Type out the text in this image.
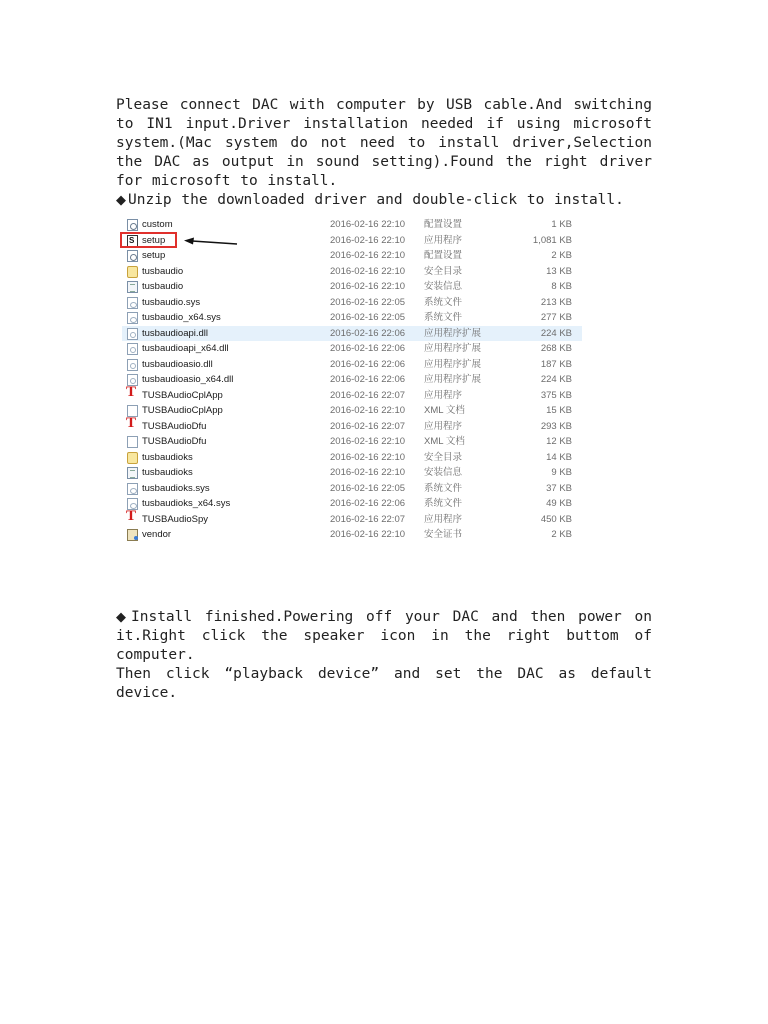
Please connect DAC with computer by USB cable.And switching to IN1 input.Driver installation needed if using microsoft system.(Mac system do not need to install driver,Selection the DAC as output in sound setting).Found the right driver for microsoft to install.
◆ Unzip the downloaded driver and double-click to install.
custom	2016-02-16 22:10 配置设置	1 KB
S
setup	2016-02-16 22:10 应用程序	1,081 KB
setup	2016-02-16 22:10 配置设置	2 KB
tusbaudio	2016-02-16 22:10 安全目录	13 KB
tusbaudio	2016-02-16 22:10 安装信息	8 KB
tusbaudio.sys	2016-02-16 22:05 系统文件	213 KB
tusbaudio_x64.sys	2016-02-16 22:05 系统文件	277 KB
tusbaudioapi.dll	2016-02-16 22:06 应用程序扩展	224 KB
tusbaudioapi_x64.dll	2016-02-16 22:06 应用程序扩展	268 KB
tusbaudioasio.dll	2016-02-16 22:06 应用程序扩展	187 KB
tusbaudioasio_x64.dll	2016-02-16 22:06 应用程序扩展	224 KB
T
TUSBAudioCplApp	2016-02-16 22:07 应用程序	375 KB
TUSBAudioCplApp	2016-02-16 22:10 XML 文档	15 KB
T
TUSBAudioDfu	2016-02-16 22:07 应用程序	293 KB
TUSBAudioDfu	2016-02-16 22:10 XML 文档	12 KB
tusbaudioks	2016-02-16 22:10 安全目录	14 KB
tusbaudioks	2016-02-16 22:10 安装信息	9 KB
tusbaudioks.sys	2016-02-16 22:05 系统文件	37 KB
tusbaudioks_x64.sys	2016-02-16 22:06 系统文件	49 KB
T
TUSBAudioSpy	2016-02-16 22:07 应用程序	450 KB
vendor	2016-02-16 22:10 安全证书	2 KB
◆ Install finished.Powering off your DAC and then power on it.Right click the speaker icon in the right buttom of computer.
Then click “playback device” and set the DAC as default device.
